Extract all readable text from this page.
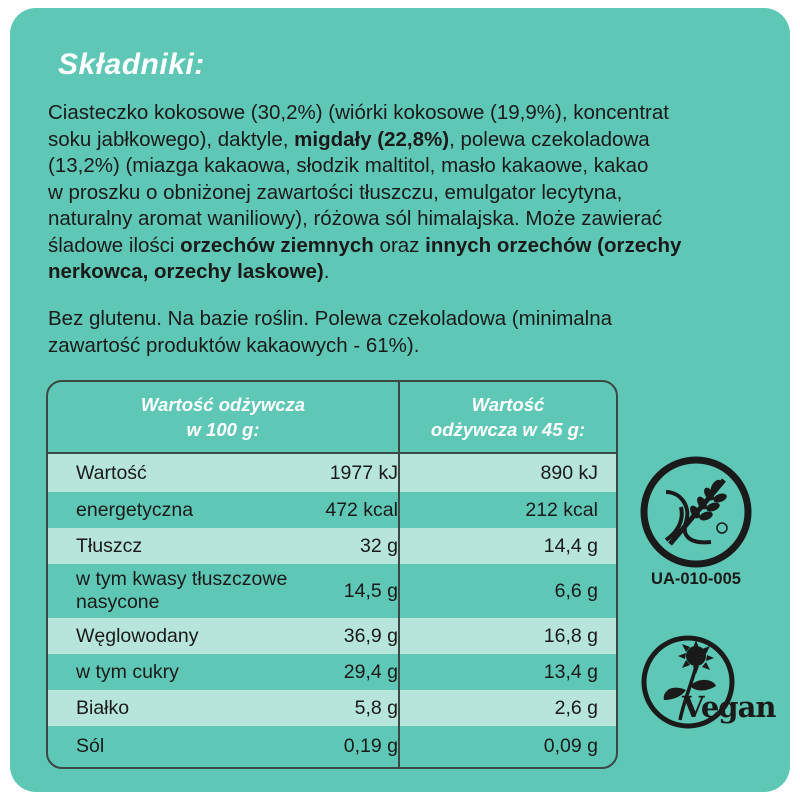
Składniki:
Ciasteczko kokosowe (30,2%) (wiórki kokosowe (19,9%), koncentrat
soku jabłkowego), daktyle, migdały (22,8%), polewa czekoladowa
(13,2%) (miazga kakaowa, słodzik maltitol, masło kakaowe, kakao
w proszku o obniżonej zawartości tłuszczu, emulgator lecytyna,
naturalny aromat waniliowy), różowa sól himalajska. Może zawierać
śladowe ilości orzechów ziemnych oraz innych orzechów (orzechy
nerkowca, orzechy laskowe).
Bez glutenu. Na bazie roślin. Polewa czekoladowa (minimalna
zawartość produktów kakaowych - 61%).
Wartość odżywcza
w 100 g:
Wartość
odżywcza w 45 g:
Wartość	1977 kJ	890 kJ
energetyczna	472 kcal	212 kcal
Tłuszcz	32 g	14,4 g
w tym kwasy tłuszczowe
nasycone	14,5 g	6,6 g
Węglowodany	36,9 g	16,8 g
w tym cukry	29,4 g	13,4 g
Białko	5,8 g	2,6 g
Sól	0,19 g	0,09 g
UA-010-005
Vegan
